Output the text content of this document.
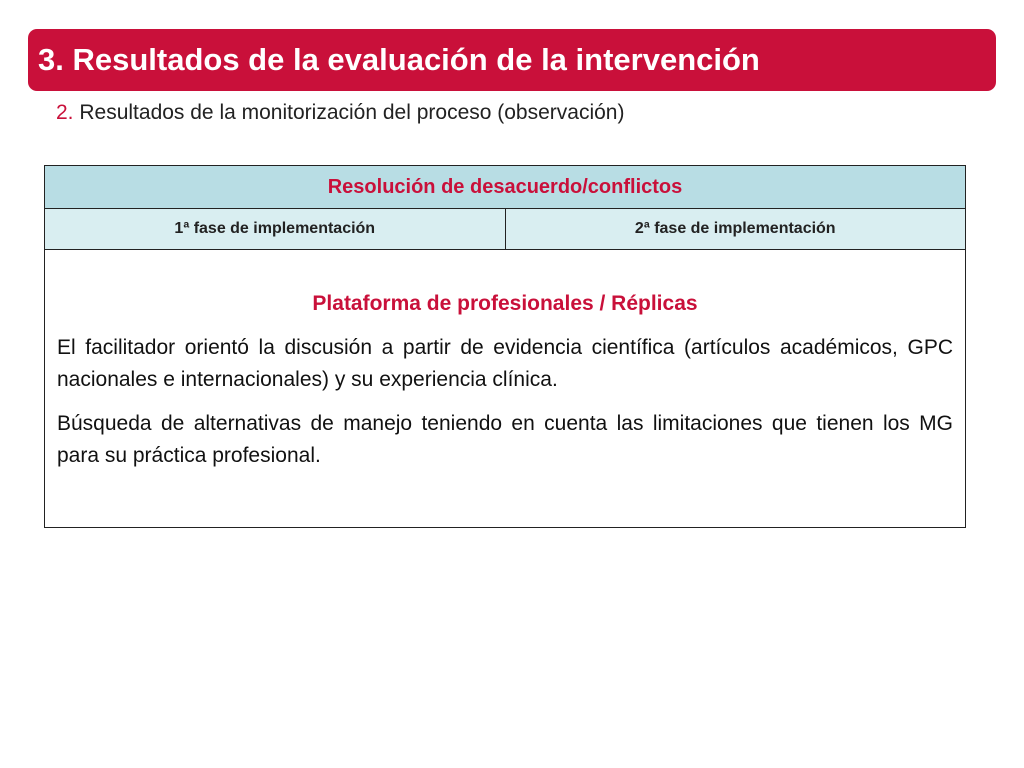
3. Resultados de la evaluación de la intervención
2. Resultados de la monitorización del proceso (observación)
Resolución de desacuerdo/conflictos
1ª fase de implementación	2ª fase de implementación

Plataforma de profesionales / Réplicas

El facilitador orientó la discusión a partir de evidencia científica (artículos académicos, GPC nacionales e internacionales) y su experiencia clínica.

Búsqueda de alternativas de manejo teniendo en cuenta las limitaciones que tienen los MG para su práctica profesional.
